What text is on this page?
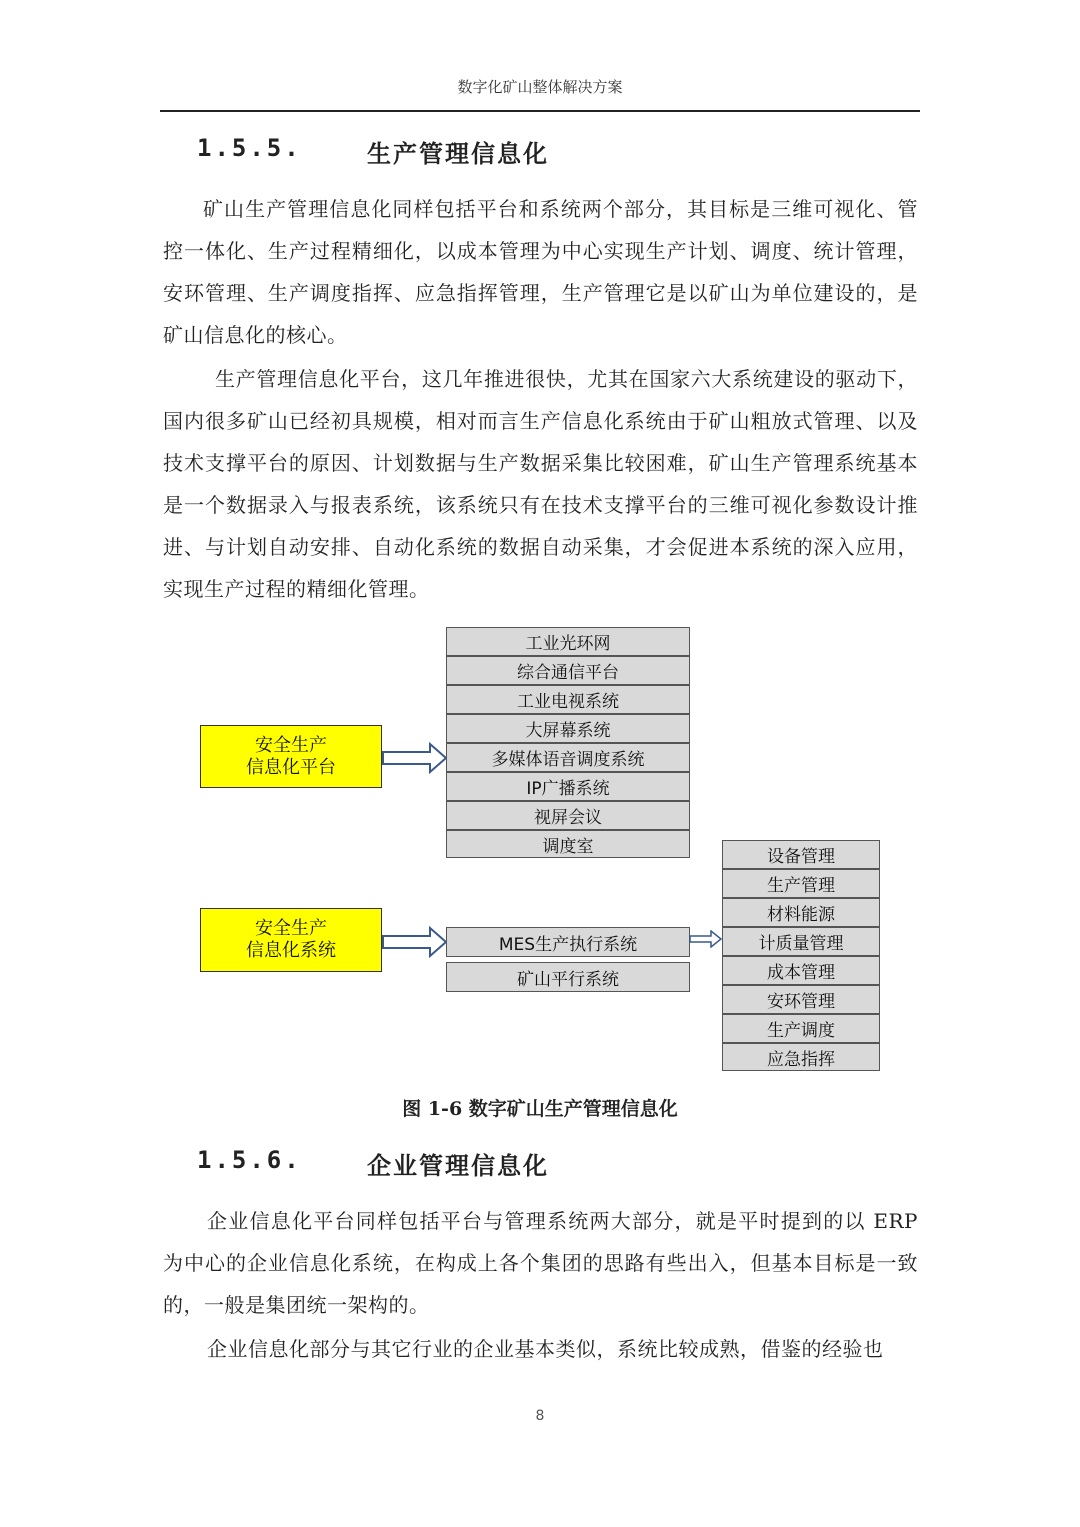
数字化矿山整体解决方案
1.5.5.	生产管理信息化

矿山生产管理信息化同样包括平台和系统两个部分，其目标是三维可视化、管控一体化、生产过程精细化，以成本管理为中心实现生产计划、调度、统计管理，安环管理、生产调度指挥、应急指挥管理，生产管理它是以矿山为单位建设的，是矿山信息化的核心。

生产管理信息化平台，这几年推进很快，尤其在国家六大系统建设的驱动下，国内很多矿山已经初具规模，相对而言生产信息化系统由于矿山粗放式管理、以及技术支撑平台的原因、计划数据与生产数据采集比较困难，矿山生产管理系统基本是一个数据录入与报表系统，该系统只有在技术支撑平台的三维可视化参数设计推进、与计划自动安排、自动化系统的数据自动采集，才会促进本系统的深入应用，实现生产过程的精细化管理。

安全生产
信息化平台
工业光环网
综合通信平台
工业电视系统
大屏幕系统
多媒体语音调度系统
IP广播系统
视屏会议
调度室
安全生产
信息化系统	MES生产执行系统
矿山平行系统
设备管理
生产管理
材料能源
计质量管理
成本管理
安环管理
生产调度
应急指挥
图 1-6 数字矿山生产管理信息化
1.5.6.	企业管理信息化

企业信息化平台同样包括平台与管理系统两大部分，就是平时提到的以 ERP 为中心的企业信息化系统，在构成上各个集团的思路有些出入，但基本目标是一致的，一般是集团统一架构的。

企业信息化部分与其它行业的企业基本类似，系统比较成熟，借鉴的经验也

8
